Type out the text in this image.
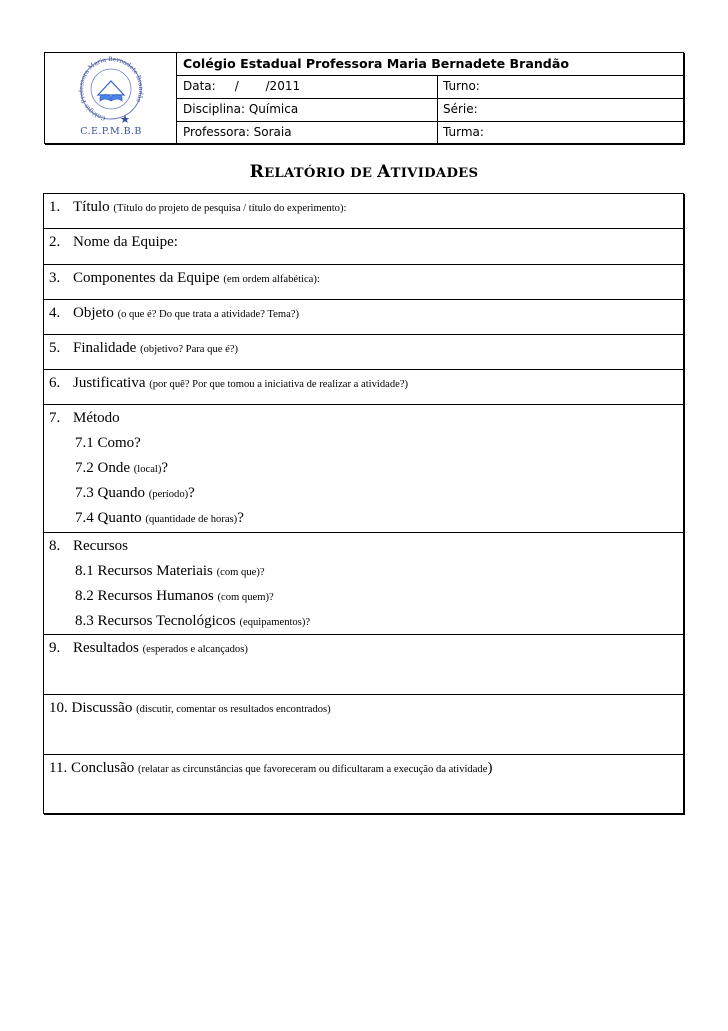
Colégio Professora Maria Bernadete Brandão
C.E.P.M.B.B
Colégio Estadual Professora Maria Bernadete Brandão
Data:     /       /2011	Turno:
Disciplina: Química	Série:
Professora: Soraia	Turma:
RELATÓRIO DE ATIVIDADES
1. Título (Título do projeto de pesquisa / título do experimento):
2. Nome da Equipe:
3. Componentes da Equipe (em ordem alfabética):
4. Objeto (o que é? Do que trata a atividade? Tema?)
5. Finalidade (objetivo? Para que é?)
6. Justificativa (por quê? Por que tomou a iniciativa de realizar a atividade?)
7. Método
7.1 Como?
7.2 Onde (local)?
7.3 Quando (período)?
7.4 Quanto (quantidade de horas)?
8. Recursos
8.1 Recursos Materiais (com que)?
8.2 Recursos Humanos (com quem)?
8.3 Recursos Tecnológicos (equipamentos)?
9. Resultados (esperados e alcançados)
10. Discussão (discutir, comentar os resultados encontrados)
11. Conclusão (relatar as circunstâncias que favoreceram ou dificultaram a execução da atividade)
